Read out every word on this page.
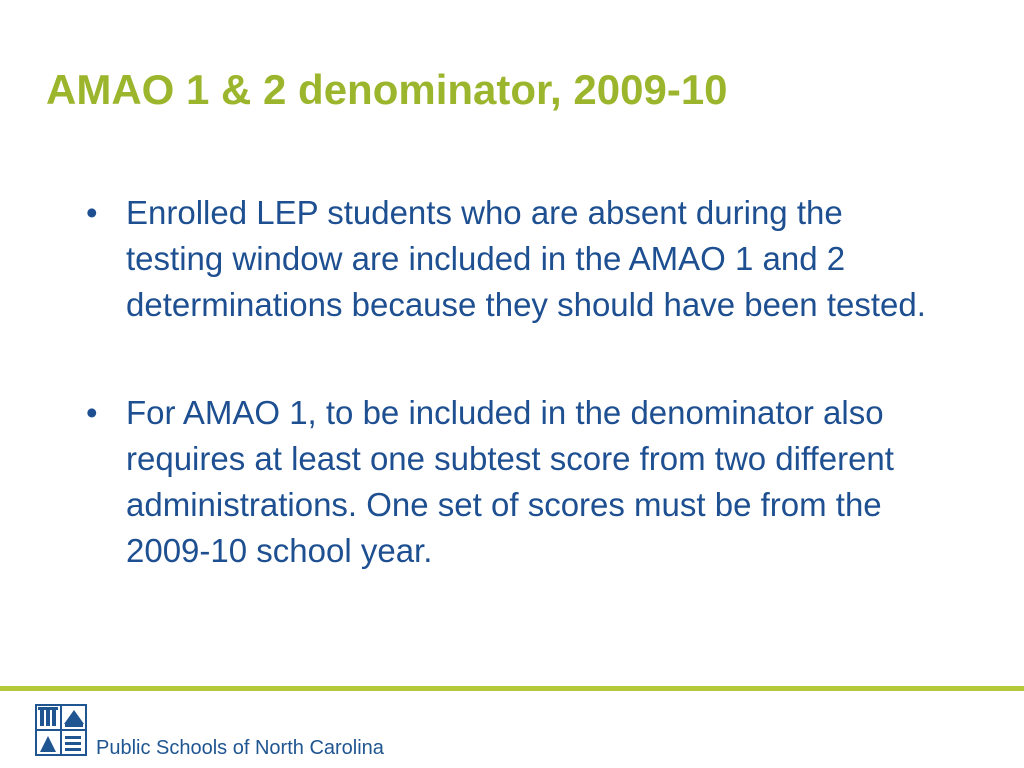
AMAO 1 & 2 denominator, 2009-10
• Enrolled LEP students who are absent during the testing window are included in the AMAO 1 and 2 determinations because they should have been tested.
• For AMAO 1, to be included in the denominator also requires at least one subtest score from two different administrations. One set of scores must be from the 2009-10 school year.

Public Schools of North Carolina
